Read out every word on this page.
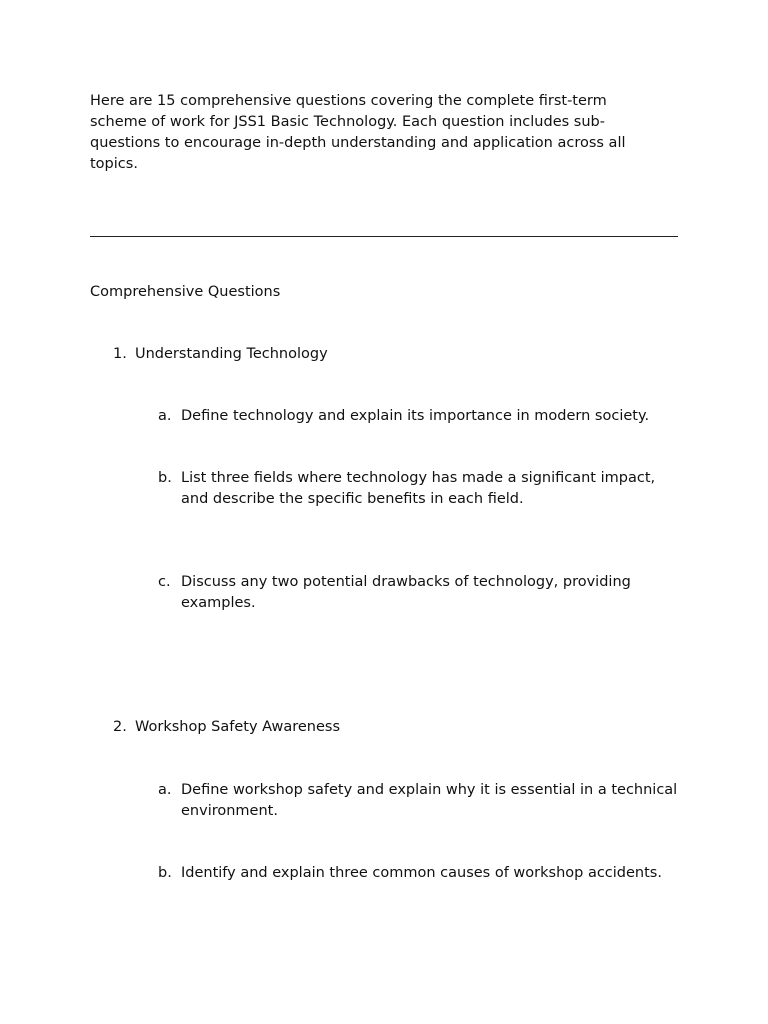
Here are 15 comprehensive questions covering the complete first-term scheme of work for JSS1 Basic Technology. Each question includes sub-questions to encourage in-depth understanding and application across all topics.

Comprehensive Questions

1. Understanding Technology
a. Define technology and explain its importance in modern society.
b. List three fields where technology has made a significant impact, and describe the specific benefits in each field.
c. Discuss any two potential drawbacks of technology, providing examples.
2. Workshop Safety Awareness
a. Define workshop safety and explain why it is essential in a technical environment.
b. Identify and explain three common causes of workshop accidents.
